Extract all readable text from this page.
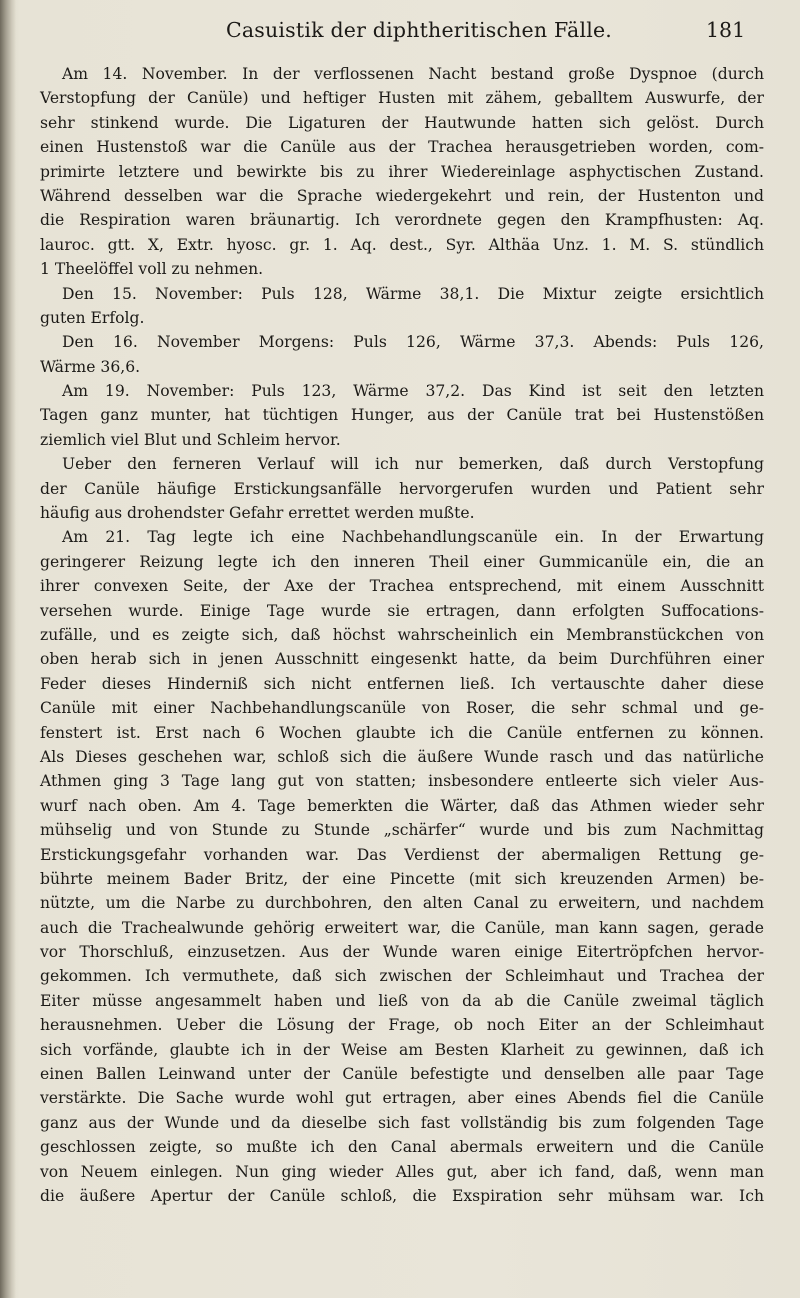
Casuistik der diphtheritischen Fälle.	181
Am 14. November. In der verflossenen Nacht bestand große Dyspnoe (durch
Verstopfung der Canüle) und heftiger Husten mit zähem, geballtem Auswurfe, der
sehr stinkend wurde. Die Ligaturen der Hautwunde hatten sich gelöst. Durch
einen Hustenstoß war die Canüle aus der Trachea herausgetrieben worden, com-
primirte letztere und bewirkte bis zu ihrer Wiedereinlage asphyctischen Zustand.
Während desselben war die Sprache wiedergekehrt und rein, der Hustenton und
die Respiration waren bräunartig. Ich verordnete gegen den Krampfhusten: Aq.
lauroc. gtt. X, Extr. hyosc. gr. 1. Aq. dest., Syr. Althäa Unz. 1. M. S. stündlich
1 Theelöffel voll zu nehmen.
Den 15. November: Puls 128, Wärme 38,1. Die Mixtur zeigte ersichtlich
guten Erfolg.
Den 16. November Morgens: Puls 126, Wärme 37,3. Abends: Puls 126,
Wärme 36,6.
Am 19. November: Puls 123, Wärme 37,2. Das Kind ist seit den letzten
Tagen ganz munter, hat tüchtigen Hunger, aus der Canüle trat bei Hustenstößen
ziemlich viel Blut und Schleim hervor.
Ueber den ferneren Verlauf will ich nur bemerken, daß durch Verstopfung
der Canüle häufige Erstickungsanfälle hervorgerufen wurden und Patient sehr
häufig aus drohendster Gefahr errettet werden mußte.
Am 21. Tag legte ich eine Nachbehandlungscanüle ein. In der Erwartung
geringerer Reizung legte ich den inneren Theil einer Gummicanüle ein, die an
ihrer convexen Seite, der Axe der Trachea entsprechend, mit einem Ausschnitt
versehen wurde. Einige Tage wurde sie ertragen, dann erfolgten Suffocations-
zufälle, und es zeigte sich, daß höchst wahrscheinlich ein Membranstückchen von
oben herab sich in jenen Ausschnitt eingesenkt hatte, da beim Durchführen einer
Feder dieses Hinderniß sich nicht entfernen ließ. Ich vertauschte daher diese
Canüle mit einer Nachbehandlungscanüle von Roser, die sehr schmal und ge-
fenstert ist. Erst nach 6 Wochen glaubte ich die Canüle entfernen zu können.
Als Dieses geschehen war, schloß sich die äußere Wunde rasch und das natürliche
Athmen ging 3 Tage lang gut von statten; insbesondere entleerte sich vieler Aus-
wurf nach oben. Am 4. Tage bemerkten die Wärter, daß das Athmen wieder sehr
mühselig und von Stunde zu Stunde „schärfer“ wurde und bis zum Nachmittag
Erstickungsgefahr vorhanden war. Das Verdienst der abermaligen Rettung ge-
bührte meinem Bader Britz, der eine Pincette (mit sich kreuzenden Armen) be-
nützte, um die Narbe zu durchbohren, den alten Canal zu erweitern, und nachdem
auch die Trachealwunde gehörig erweitert war, die Canüle, man kann sagen, gerade
vor Thorschluß, einzusetzen. Aus der Wunde waren einige Eitertröpfchen hervor-
gekommen. Ich vermuthete, daß sich zwischen der Schleimhaut und Trachea der
Eiter müsse angesammelt haben und ließ von da ab die Canüle zweimal täglich
herausnehmen. Ueber die Lösung der Frage, ob noch Eiter an der Schleimhaut
sich vorfände, glaubte ich in der Weise am Besten Klarheit zu gewinnen, daß ich
einen Ballen Leinwand unter der Canüle befestigte und denselben alle paar Tage
verstärkte. Die Sache wurde wohl gut ertragen, aber eines Abends fiel die Canüle
ganz aus der Wunde und da dieselbe sich fast vollständig bis zum folgenden Tage
geschlossen zeigte, so mußte ich den Canal abermals erweitern und die Canüle
von Neuem einlegen. Nun ging wieder Alles gut, aber ich fand, daß, wenn man
die äußere Apertur der Canüle schloß, die Exspiration sehr mühsam war. Ich
